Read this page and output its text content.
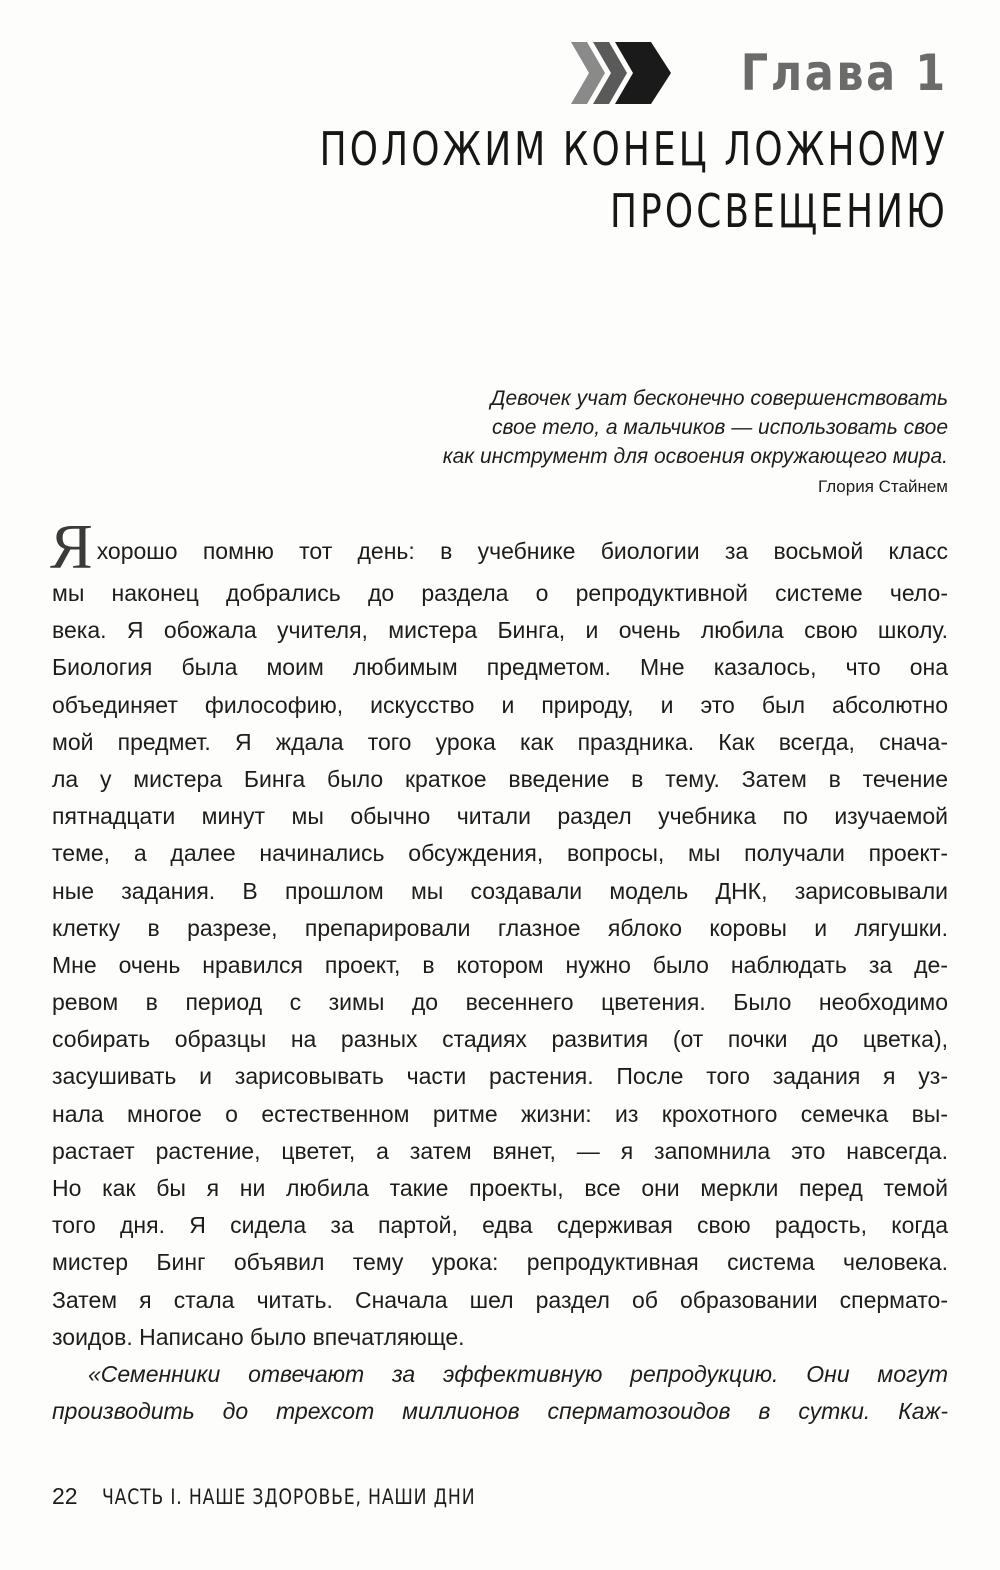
Глава 1
ПОЛОЖИМ КОНЕЦ ЛОЖНОМУ
ПРОСВЕЩЕНИЮ
Девочек учат бесконечно совершенствовать
свое тело, а мальчиков — использовать свое
как инструмент для освоения окружающего мира.
Глория Стайнем
Я хорошо помню тот день: в учебнике биологии за восьмой класс
мы наконец добрались до раздела о репродуктивной системе чело-
века. Я обожала учителя, мистера Бинга, и очень любила свою школу.
Биология была моим любимым предметом. Мне казалось, что она
объединяет философию, искусство и природу, и это был абсолютно
мой предмет. Я ждала того урока как праздника. Как всегда, снача-
ла у мистера Бинга было краткое введение в тему. Затем в течение
пятнадцати минут мы обычно читали раздел учебника по изучаемой
теме, а далее начинались обсуждения, вопросы, мы получали проект-
ные задания. В прошлом мы создавали модель ДНК, зарисовывали
клетку в разрезе, препарировали глазное яблоко коровы и лягушки.
Мне очень нравился проект, в котором нужно было наблюдать за де-
ревом в период с зимы до весеннего цветения. Было необходимо
собирать образцы на разных стадиях развития (от почки до цветка),
засушивать и зарисовывать части растения. После того задания я уз-
нала многое о естественном ритме жизни: из крохотного семечка вы-
растает растение, цветет, а затем вянет, — я запомнила это навсегда.
Но как бы я ни любила такие проекты, все они меркли перед темой
того дня. Я сидела за партой, едва сдерживая свою радость, когда
мистер Бинг объявил тему урока: репродуктивная система человека.
Затем я стала читать. Сначала шел раздел об образовании спермато-
зоидов. Написано было впечатляюще.
«Семенники отвечают за эффективную репродукцию. Они могут
производить до трехсот миллионов сперматозоидов в сутки. Каж-
22 ЧАСТЬ I. НАШЕ ЗДОРОВЬЕ, НАШИ ДНИ
